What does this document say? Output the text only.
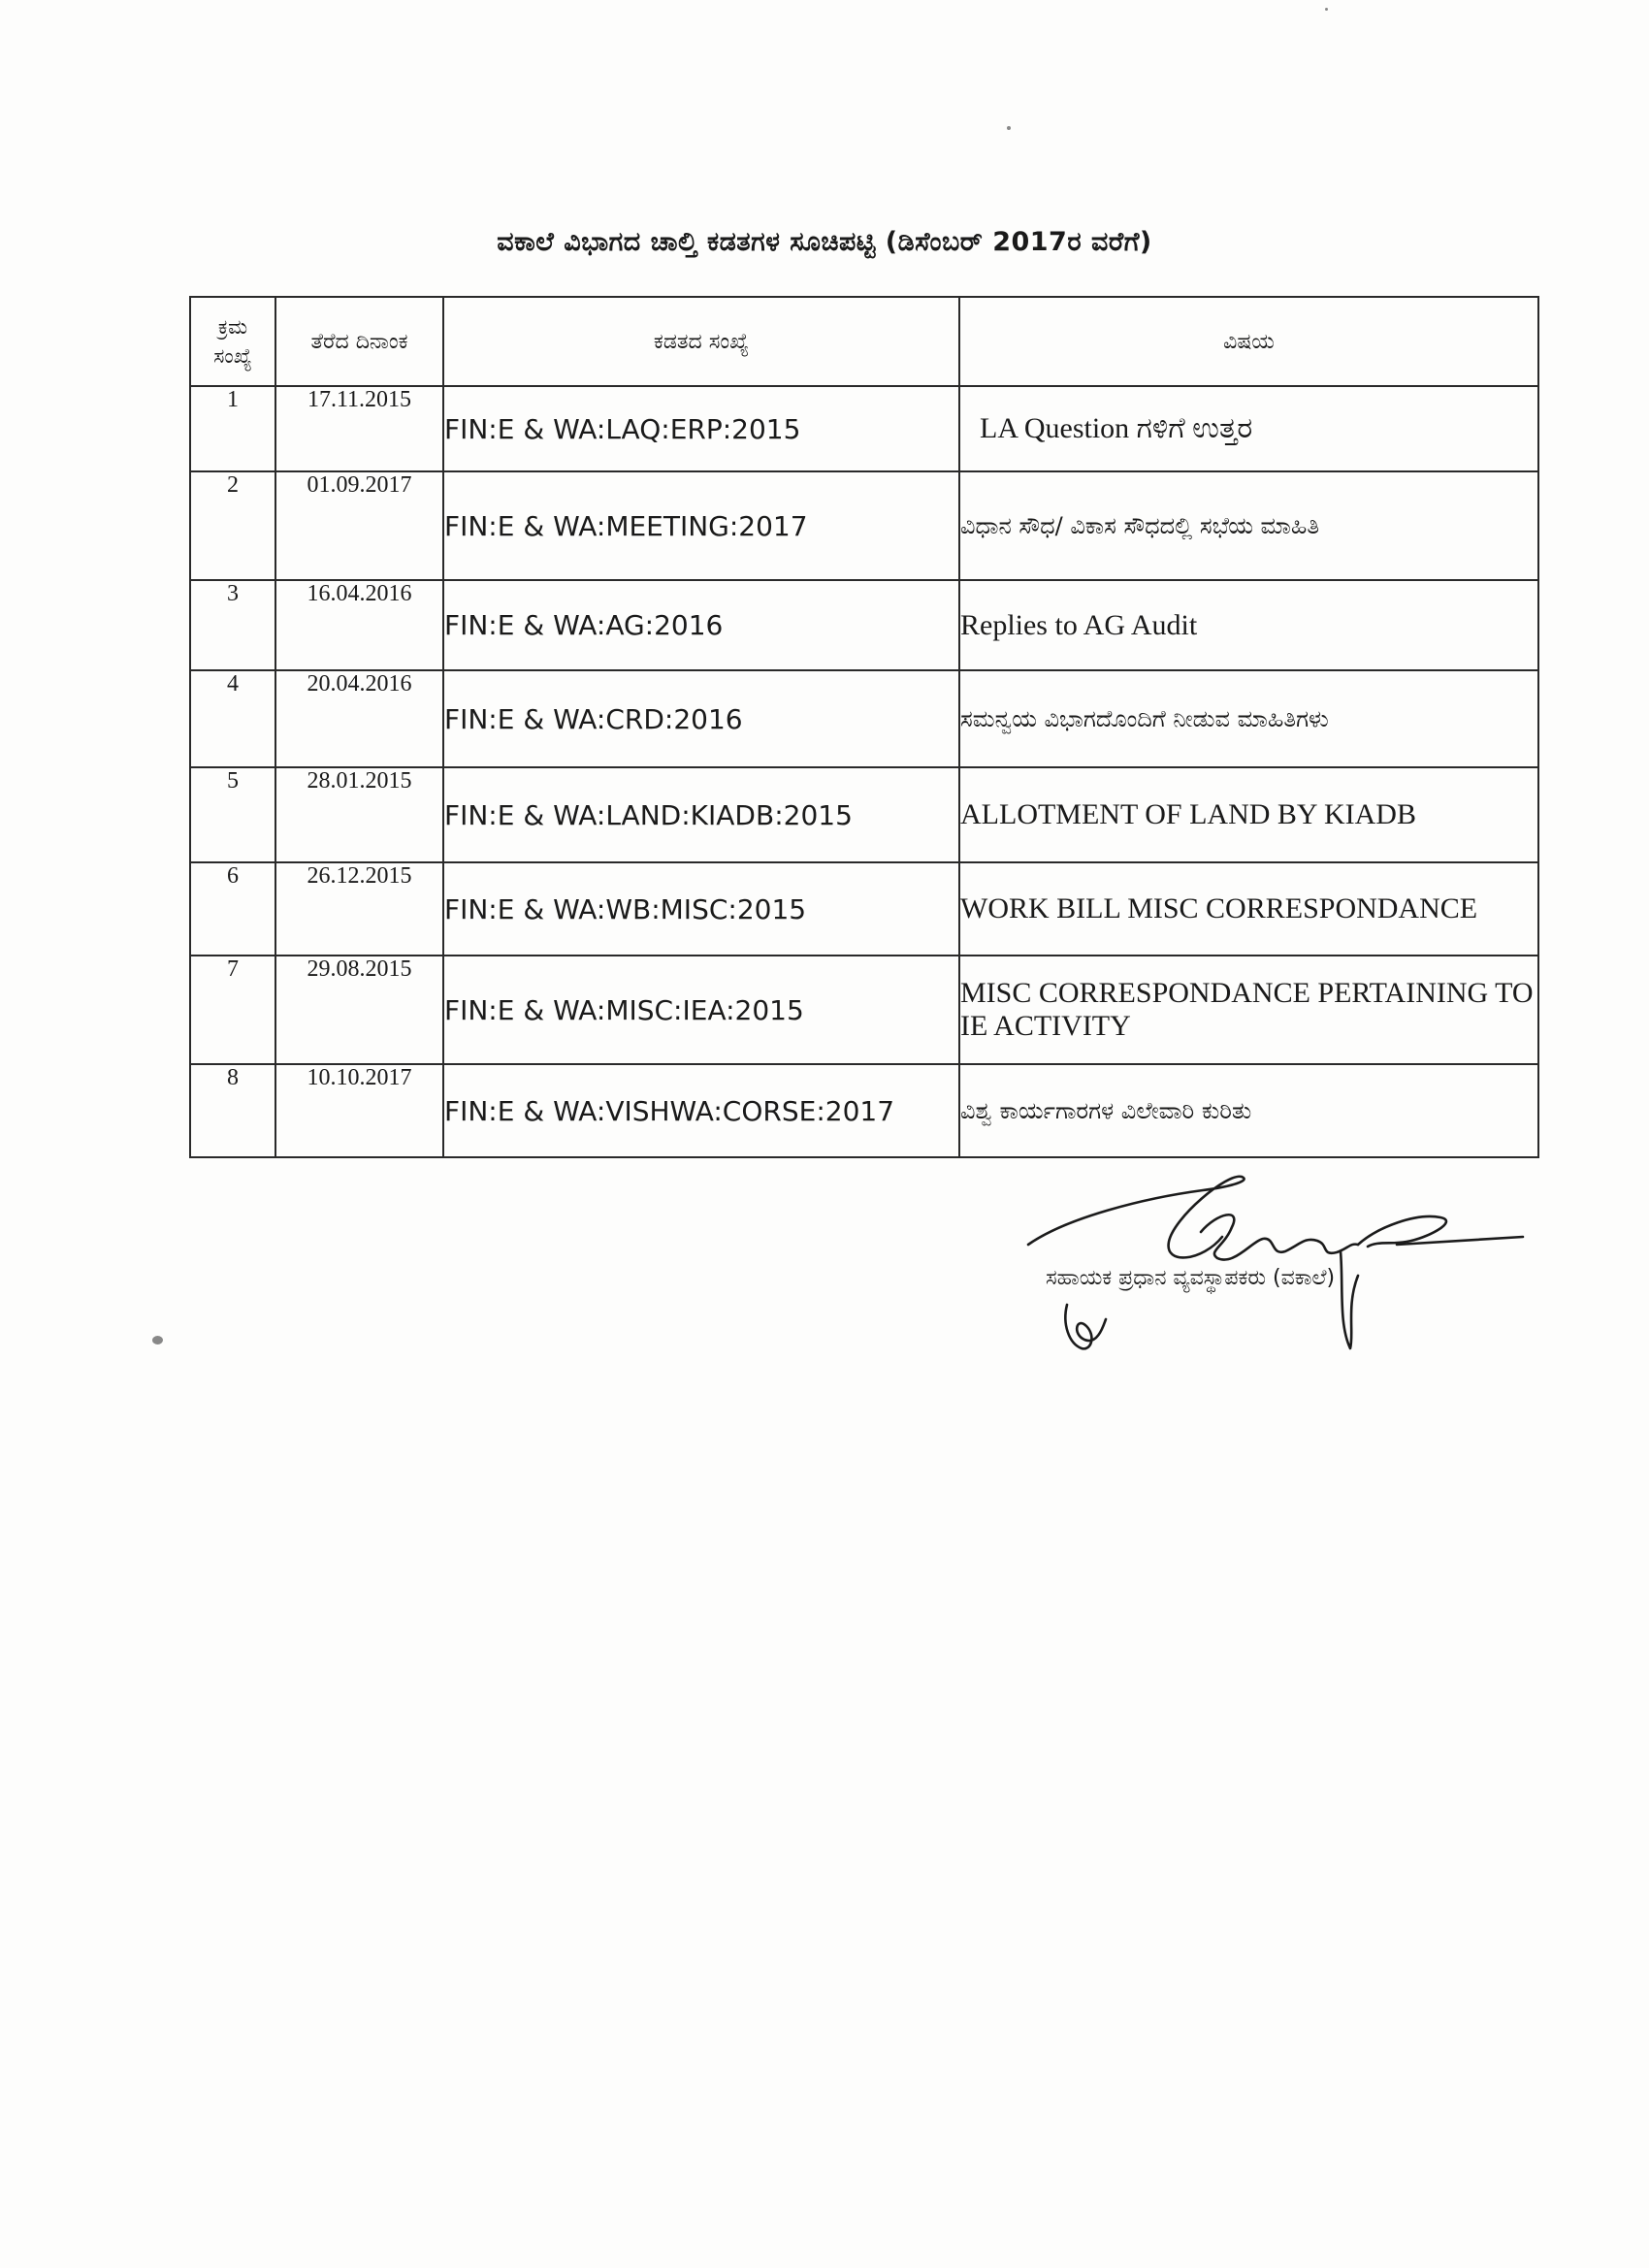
ವಕಾಲೆ ವಿಭಾಗದ ಚಾಲ್ತಿ ಕಡತಗಳ ಸೂಚಿಪಟ್ಟಿ (ಡಿಸೆಂಬರ್ 2017ರ ವರೆಗೆ)
ಕ್ರಮ
ಸಂಖ್ಯೆ	ತೆರೆದ ದಿನಾಂಕ	ಕಡತದ ಸಂಖ್ಯೆ	ವಿಷಯ
1	17.11.2015	FIN:E & WA:LAQ:ERP:2015	LA Question ಗಳಿಗೆ ಉತ್ತರ
2	01.09.2017	FIN:E & WA:MEETING:2017	ವಿಧಾನ ಸೌಧ/ ವಿಕಾಸ ಸೌಧದಲ್ಲಿ ಸಭೆಯ ಮಾಹಿತಿ
3	16.04.2016	FIN:E & WA:AG:2016	Replies to AG Audit
4	20.04.2016	FIN:E & WA:CRD:2016	ಸಮನ್ವಯ ವಿಭಾಗದೊಂದಿಗೆ ನೀಡುವ ಮಾಹಿತಿಗಳು
5	28.01.2015	FIN:E & WA:LAND:KIADB:2015	ALLOTMENT OF LAND BY KIADB
6	26.12.2015	FIN:E & WA:WB:MISC:2015	WORK BILL MISC CORRESPONDANCE
7	29.08.2015	FIN:E & WA:MISC:IEA:2015	MISC CORRESPONDANCE PERTAINING TO IE ACTIVITY
8	10.10.2017	FIN:E & WA:VISHWA:CORSE:2017	ವಿಶ್ವ ಕಾರ್ಯಗಾರಗಳ ವಿಲೇವಾರಿ ಕುರಿತು
ಸಹಾಯಕ ಪ್ರಧಾನ ವ್ಯವಸ್ಥಾಪಕರು (ವಕಾಲೆ)
